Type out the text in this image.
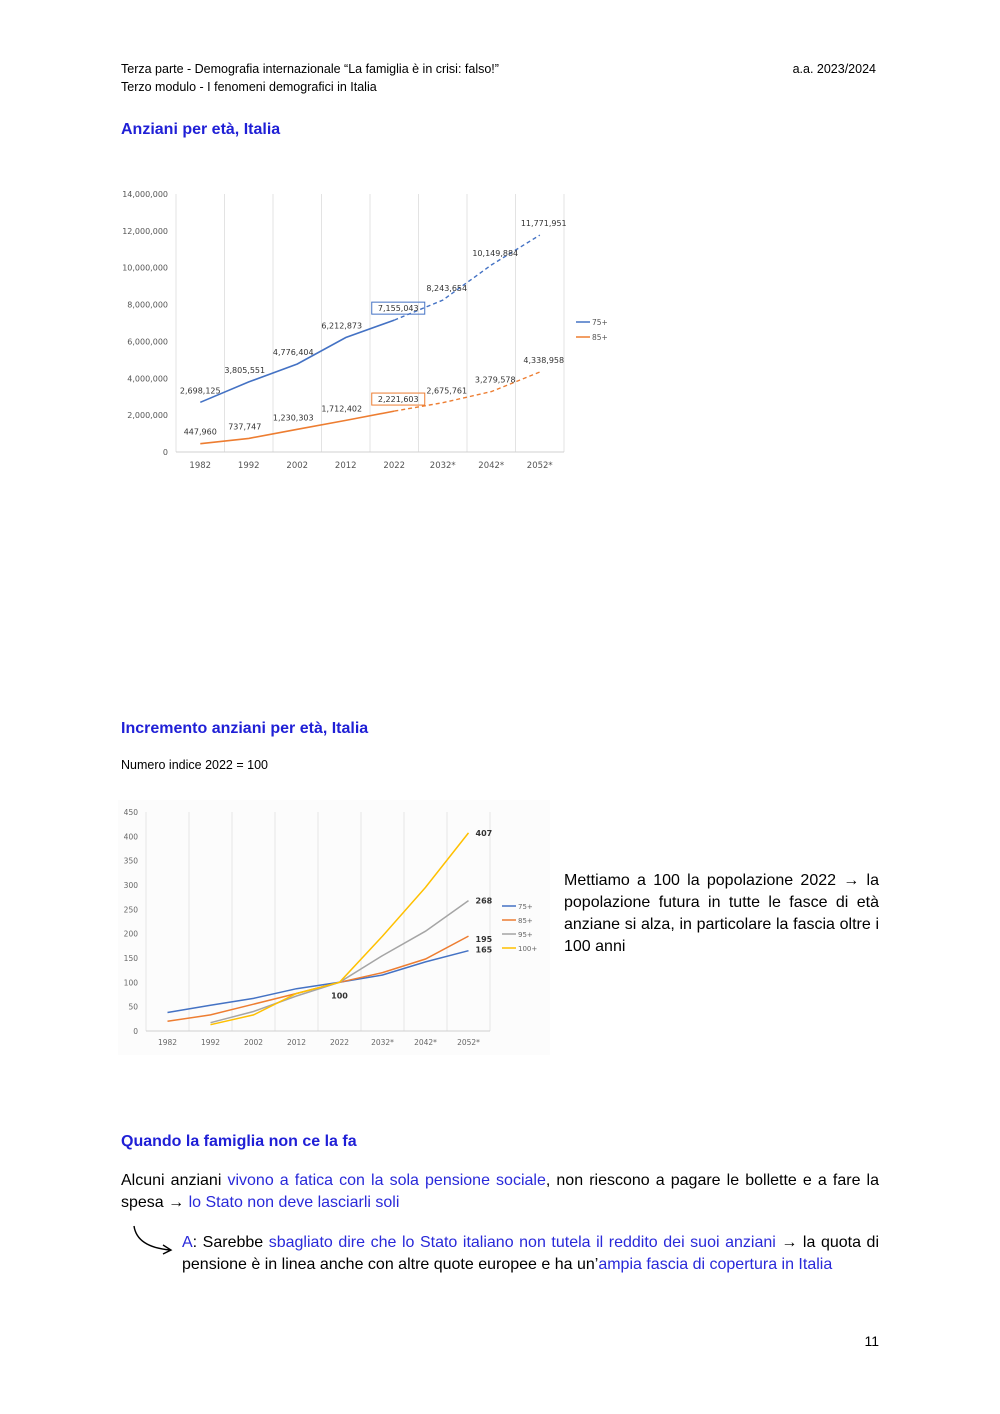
Terza parte - Demografia internazionale “La famiglia è in crisi: falso!”
Terzo modulo - I fenomeni demografici in Italia
a.a. 2023/2024
Anziani per età, Italia
0
2,000,000
4,000,000
6,000,000
8,000,000
10,000,000
12,000,000
14,000,000
1982	1992	2002	2012	2022	2032*	2042*	2052*
2,698,125
3,805,551
4,776,404
6,212,873
7,155,043
8,243,654
10,149,884
11,771,951
447,960
737,747
1,230,303
1,712,402
2,221,603
2,675,761
3,279,578
4,338,958
75+
85+
Incremento anziani per età, Italia
Numero indice 2022 = 100
0
50
100
150
200
250
300
350
400
450
1982	1992	2002	2012	2022	2032*	2042*	2052*
407
268
195
165
100
75+
85+
95+
100+
Mettiamo a 100 la popolazione 2022 → la popolazione futura in tutte le fasce di età anziane si alza, in particolare la fascia oltre i 100 anni
Quando la famiglia non ce la fa
Alcuni anziani vivono a fatica con la sola pensione sociale, non riescono a pagare le bollette e a fare la spesa → lo Stato non deve lasciarli soli
A: Sarebbe sbagliato dire che lo Stato italiano non tutela il reddito dei suoi anziani → la quota di pensione è in linea anche con altre quote europee e ha un’ampia fascia di copertura in Italia
11
